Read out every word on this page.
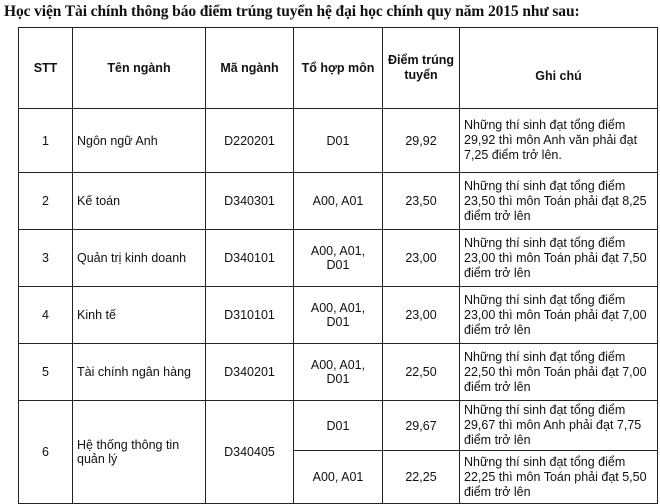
Học viện Tài chính thông báo điểm trúng tuyển hệ đại học chính quy năm 2015 như sau:
STT	Tên ngành	Mã ngành	Tổ hợp môn	Điểm trúng tuyển	Ghi chú
1	Ngôn ngữ Anh	D220201	D01	29,92	Những thí sinh đạt tổng điểm 29,92 thì môn Anh văn phải đạt 7,25 điểm trở lên.
2	Kế toán	D340301	A00, A01	23,50	Những thí sinh đạt tổng điểm 23,50 thì môn Toán phải đạt 8,25 điểm trở lên
3	Quản trị kinh doanh	D340101	A00, A01, D01	23,00	Những thí sinh đạt tổng điểm 23,00 thì môn Toán phải đạt 7,50 điểm trở lên
4	Kinh tế	D310101	A00, A01, D01	23,00	Những thí sinh đạt tổng điểm 23,00 thì môn Toán phải đạt 7,00 điểm trở lên
5	Tài chính ngân hàng	D340201	A00, A01, D01	22,50	Những thí sinh đạt tổng điểm 22,50 thì môn Toán phải đạt 7,00 điểm trở lên
6	Hệ thống thông tin quản lý	D340405	D01	29,67	Những thí sinh đạt tổng điểm 29,67 thì môn Anh phải đạt 7,75 điểm trở lên
			A00, A01	22,25	Những thí sinh đạt tổng điểm 22,25 thì môn Toán phải đạt 5,50 điểm trở lên
